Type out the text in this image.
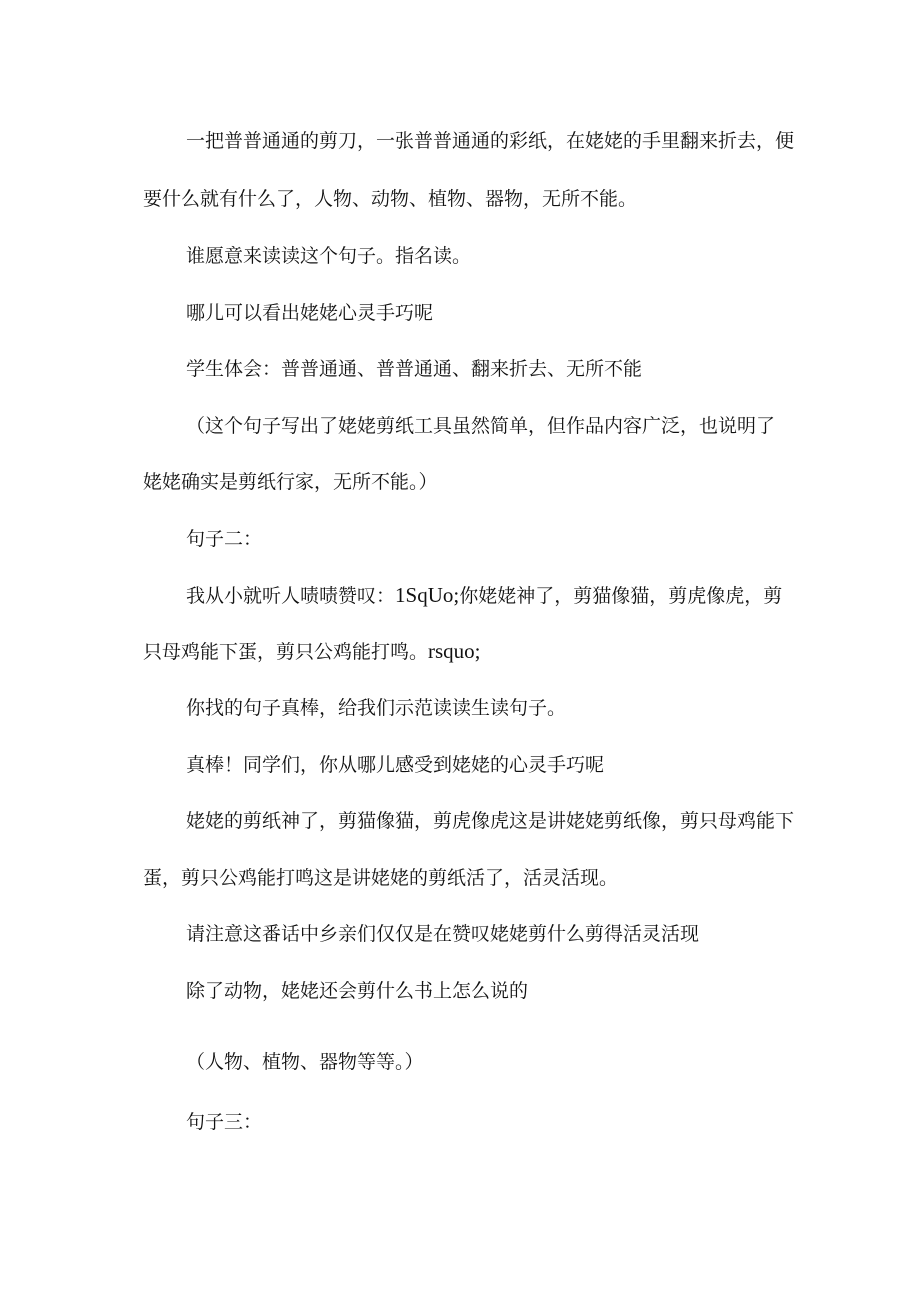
一把普普通通的剪刀，一张普普通通的彩纸，在姥姥的手里翻来折去，便
要什么就有什么了，人物、动物、植物、器物，无所不能。
谁愿意来读读这个句子。指名读。
哪儿可以看出姥姥心灵手巧呢
学生体会：普普通通、普普通通、翻来折去、无所不能
（这个句子写出了姥姥剪纸工具虽然简单，但作品内容广泛，也说明了
姥姥确实是剪纸行家，无所不能。）
句子二：
我从小就听人啧啧赞叹：1SqUo;你姥姥神了，剪猫像猫，剪虎像虎，剪
只母鸡能下蛋，剪只公鸡能打鸣。rsquo;
你找的句子真棒，给我们示范读读生读句子。
真棒！同学们，你从哪儿感受到姥姥的心灵手巧呢
姥姥的剪纸神了，剪猫像猫，剪虎像虎这是讲姥姥剪纸像，剪只母鸡能下
蛋，剪只公鸡能打鸣这是讲姥姥的剪纸活了，活灵活现。
请注意这番话中乡亲们仅仅是在赞叹姥姥剪什么剪得活灵活现
除了动物，姥姥还会剪什么书上怎么说的
（人物、植物、器物等等。）
句子三：
